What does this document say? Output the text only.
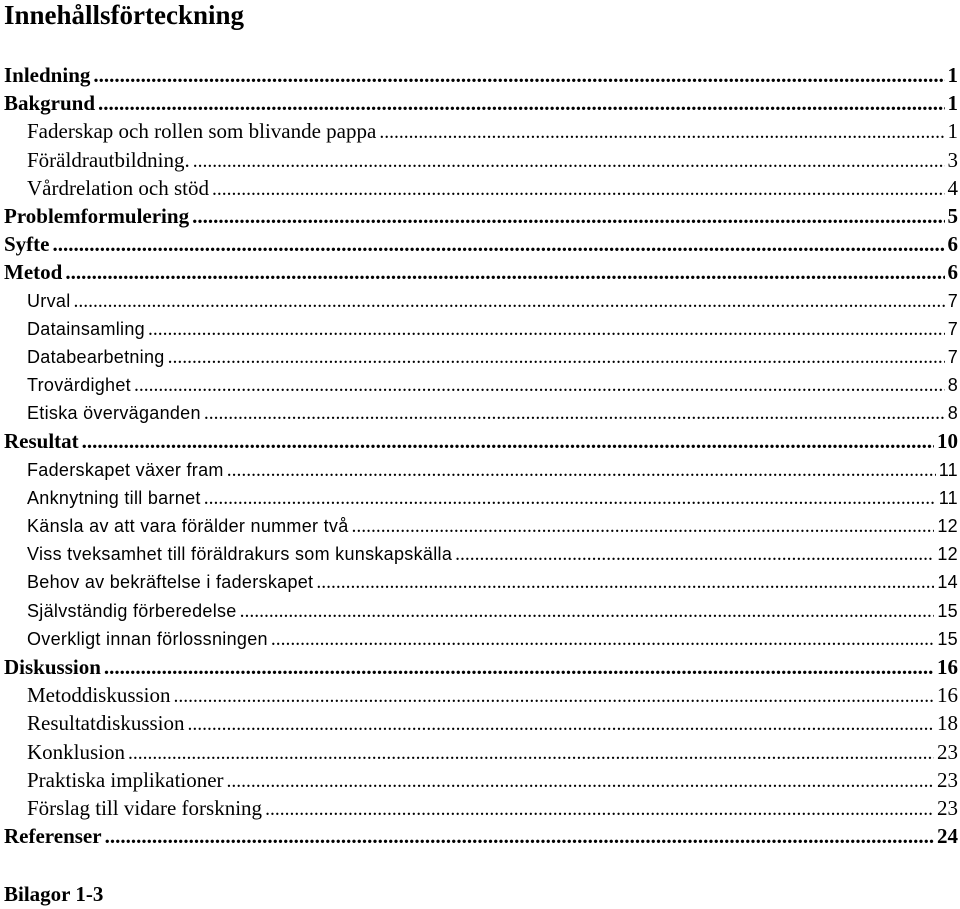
Innehållsförteckning
Inledning .....	1
Bakgrund .....	1
Faderskap och rollen som blivande pappa .....	1
Föräldrautbildning. .....	3
Vårdrelation och stöd .....	4
Problemformulering .....	5
Syfte .....	6
Metod .....	6
Urval .....	7
Datainsamling .....	7
Databearbetning .....	7
Trovärdighet .....	8
Etiska överväganden .....	8
Resultat .....	10
Faderskapet växer fram .....	11
Anknytning till barnet .....	11
Känsla av att vara förälder nummer två .....	12
Viss tveksamhet till föräldrakurs som kunskapskälla .....	12
Behov av bekräftelse i faderskapet .....	14
Självständig förberedelse .....	15
Overkligt innan förlossningen .....	15
Diskussion .....	16
Metoddiskussion .....	16
Resultatdiskussion .....	18
Konklusion .....	23
Praktiska implikationer .....	23
Förslag till vidare forskning .....	23
Referenser .....	24

Bilagor 1-3
